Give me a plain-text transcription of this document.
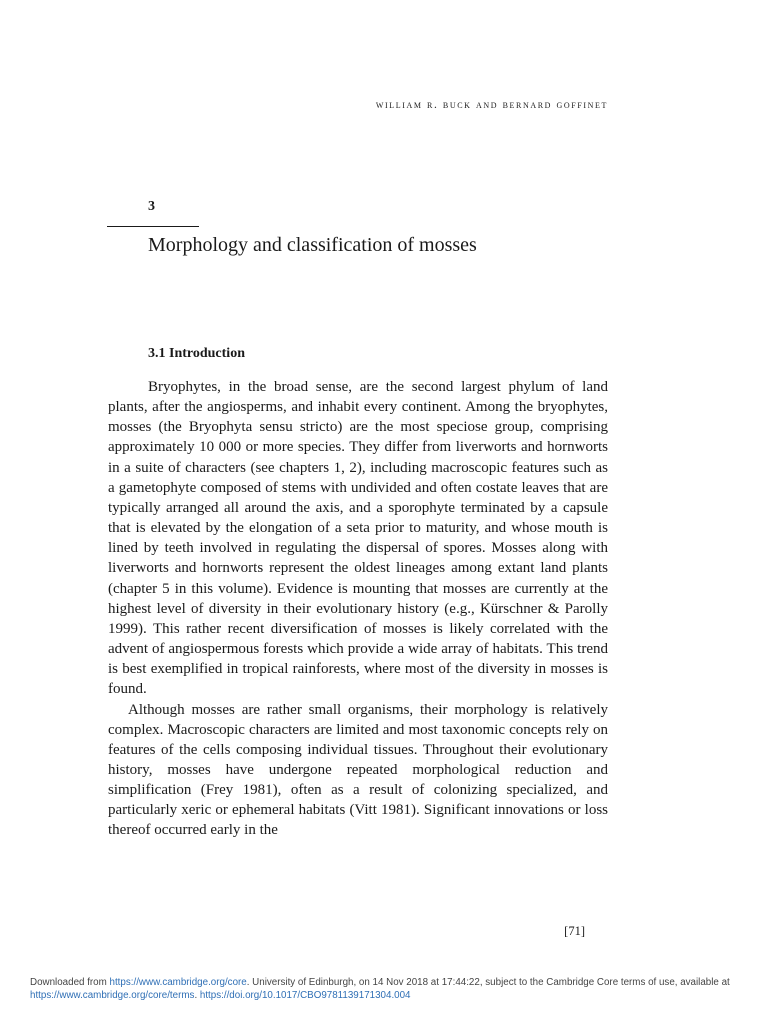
william r. buck and bernard goffinet
3
Morphology and classification of mosses
3.1 Introduction

Bryophytes, in the broad sense, are the second largest phylum of land plants, after the angiosperms, and inhabit every continent. Among the bryophytes, mosses (the Bryophyta sensu stricto) are the most speciose group, comprising approximately 10 000 or more species. They differ from liverworts and hornworts in a suite of characters (see chapters 1, 2), including macroscopic features such as a gametophyte composed of stems with undivided and often costate leaves that are typically arranged all around the axis, and a sporophyte terminated by a capsule that is elevated by the elongation of a seta prior to maturity, and whose mouth is lined by teeth involved in regulating the dispersal of spores. Mosses along with liverworts and hornworts represent the oldest lineages among extant land plants (chapter 5 in this volume). Evidence is mounting that mosses are currently at the highest level of diversity in their evolutionary history (e.g., Kürschner & Parolly 1999). This rather recent diversification of mosses is likely correlated with the advent of angiospermous forests which provide a wide array of habitats. This trend is best exemplified in tropical rainforests, where most of the diversity in mosses is found.

Although mosses are rather small organisms, their morphology is relatively complex. Macroscopic characters are limited and most taxonomic concepts rely on features of the cells composing individual tissues. Throughout their evolutionary history, mosses have undergone repeated morphological reduction and simplification (Frey 1981), often as a result of colonizing specialized, and particularly xeric or ephemeral habitats (Vitt 1981). Significant innovations or loss thereof occurred early in the

[71]
Downloaded from https://www.cambridge.org/core. University of Edinburgh, on 14 Nov 2018 at 17:44:22, subject to the Cambridge Core terms of use, available at https://www.cambridge.org/core/terms. https://doi.org/10.1017/CBO9781139171304.004
